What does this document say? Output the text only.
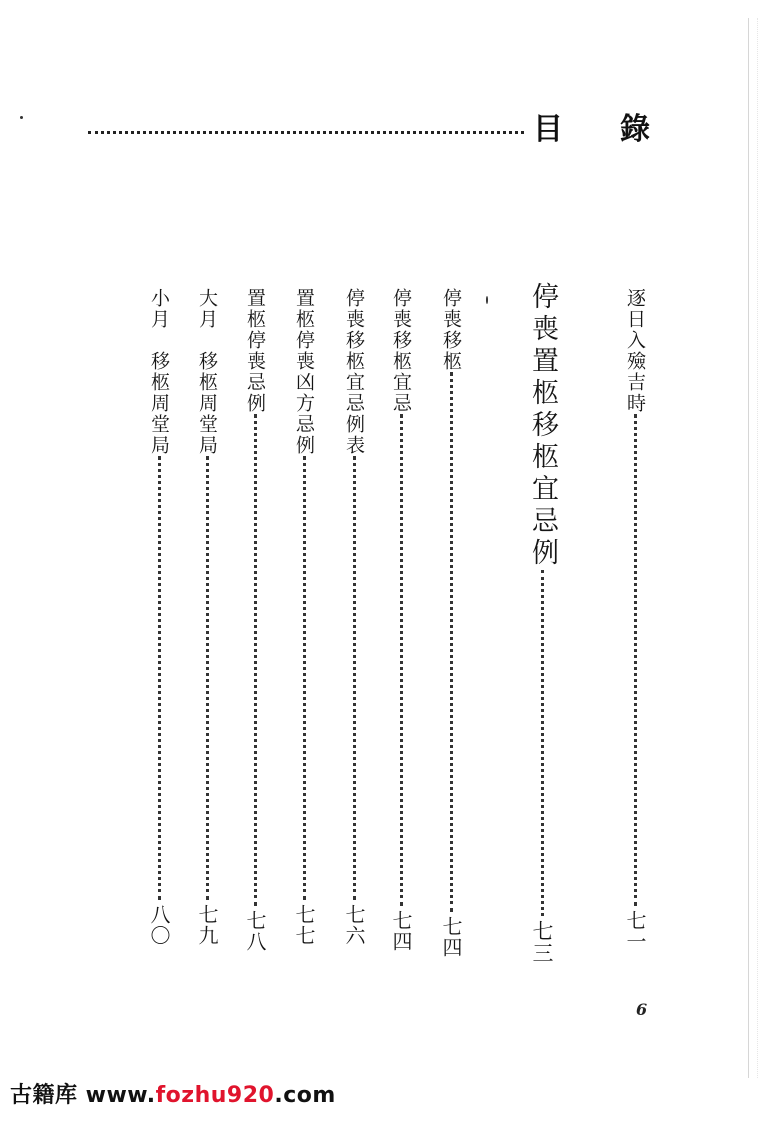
目 錄
逐日入殮吉時
七一
停喪置柩移柩宜忌例
七三
停喪移柩
七四
停喪移柩宜忌
七四
停喪移柩宜忌例表
七六
置柩停喪凶方忌例
七七
置柩停喪忌例
七八
大月　移柩周堂局
七九
小月　移柩周堂局
八〇
6
古籍库 www.fozhu920.com
